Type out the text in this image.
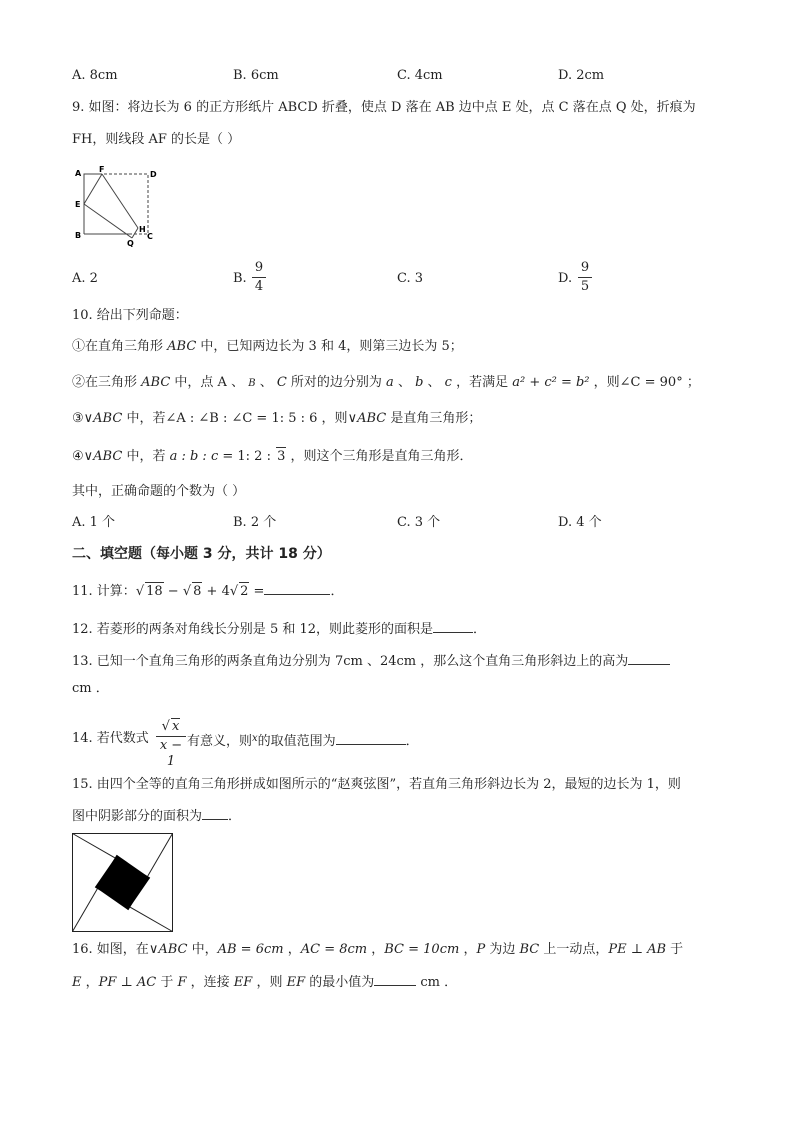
A. 8cm	B. 6cm	C. 4cm	D. 2cm
9. 如图：将边长为 6 的正方形纸片 ABCD 折叠，使点 D 落在 AB 边中点 E 处，点 C 落在点 Q 处，折痕为
FH，则线段 AF 的长是（ ）
A F
D
E
B
Q
H
C
A. 2	B.
9
4
C. 3	D.
9
5
10. 给出下列命题：
①在直角三角形 ABC 中，已知两边长为 3 和 4，则第三边长为 5；
②在三角形 ABC 中，点 A 、 B 、 C 所对的边分别为 a 、 b 、 c ，若满足 a² + c² = b² ，则∠C = 90° ；
③∨ABC 中，若∠A : ∠B : ∠C = 1: 5 : 6 ，则∨ABC 是直角三角形；
④∨ABC 中，若 a : b : c = 1: 2 : 3 ，则这个三角形是直角三角形．
其中，正确命题的个数为（ ）
A. 1 个	B. 2 个	C. 3 个	D. 4 个
二、填空题（每小题 3 分，共计 18 分）
11. 计算：√ 18 − √ 8 + 4√ 2 =	．
12. 若菱形的两条对角线长分别是 5 和 12，则此菱形的面积是	．
13. 已知一个直角三角形的两条直角边分别为 7cm 、24cm ，那么这个直角三角形斜边上的高为
cm ．
14. 若代数式
√ x
x − 1
有意义，则$^x$的取值范围为	．
15. 由四个全等的直角三角形拼成如图所示的“赵爽弦图”，若直角三角形斜边长为 2，最短的边长为 1，则
图中阴影部分的面积为 ．
16. 如图，在∨ABC 中，AB = 6cm ，AC = 8cm ，BC = 10cm ，P 为边 BC 上一动点，PE ⊥ AB 于
E ，PF ⊥ AC 于 F ，连接 EF ，则 EF 的最小值为	cm ．
